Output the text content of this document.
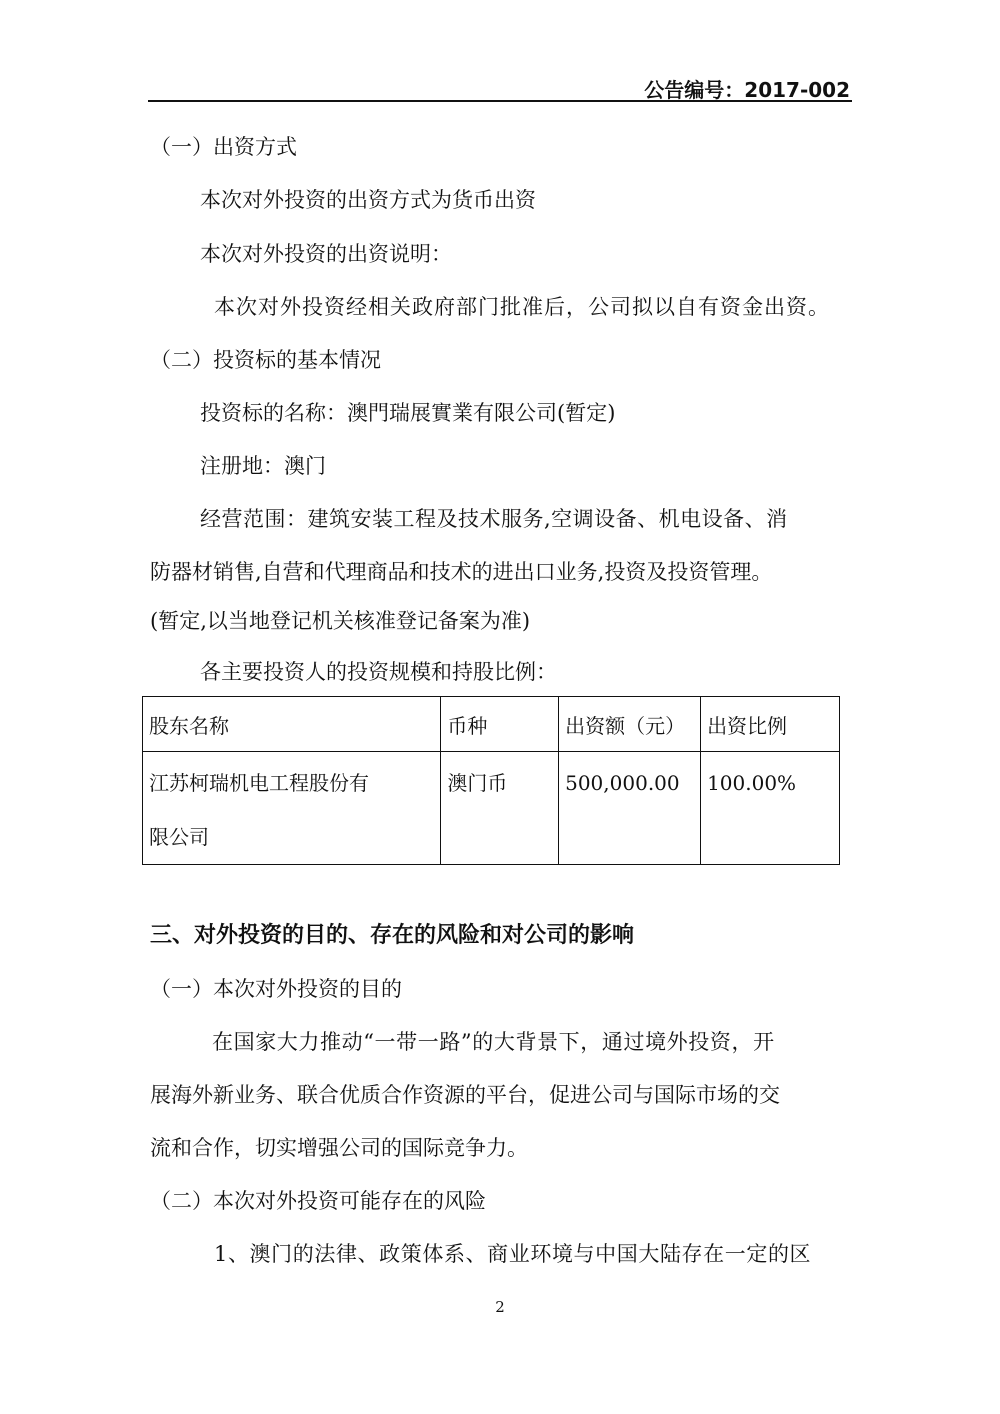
公告编号：2017-002
（一）出资方式
本次对外投资的出资方式为货币出资
本次对外投资的出资说明：
本次对外投资经相关政府部门批准后，公司拟以自有资金出资。
（二）投资标的基本情况
投资标的名称：澳門瑞展實業有限公司(暂定)
注册地：澳门
经营范围：建筑安装工程及技术服务,空调设备、机电设备、消
防器材销售,自营和代理商品和技术的进出口业务,投资及投资管理。
(暂定,以当地登记机关核准登记备案为准)
各主要投资人的投资规模和持股比例：
股东名称	币种	出资额（元）	出资比例

江苏柯瑞机电工程股份有
限公司	澳门币	500,000.00	100.00%
三、对外投资的目的、存在的风险和对公司的影响
（一）本次对外投资的目的
在国家大力推动“一带一路”的大背景下，通过境外投资，开
展海外新业务、联合优质合作资源的平台，促进公司与国际市场的交
流和合作，切实增强公司的国际竞争力。
（二）本次对外投资可能存在的风险
1、澳门的法律、政策体系、商业环境与中国大陆存在一定的区
2
